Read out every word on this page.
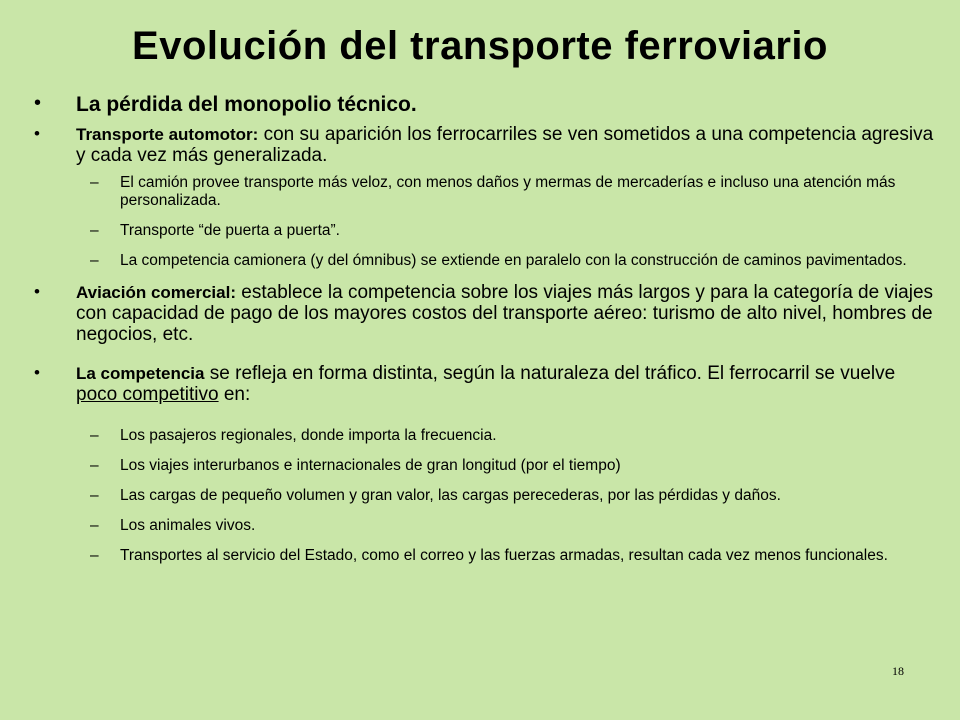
Evolución del transporte ferroviario
• La pérdida del monopolio técnico.
• Transporte automotor: con su aparición los ferrocarriles se ven sometidos a una competencia agresiva y cada vez más generalizada.
– El camión provee transporte más veloz, con menos daños y mermas de mercaderías e incluso una atención más personalizada.
– Transporte “de puerta a puerta”.
– La competencia camionera (y del ómnibus) se extiende en paralelo con la construcción de caminos pavimentados.
• Aviación comercial: establece la competencia sobre los viajes más largos y para la categoría de viajes con capacidad de pago de los mayores costos del transporte aéreo: turismo de alto nivel, hombres de negocios, etc.
• La competencia se refleja en forma distinta, según la naturaleza del tráfico. El ferrocarril se vuelve poco competitivo en:
– Los pasajeros regionales, donde importa la frecuencia.
– Los viajes interurbanos e internacionales de gran longitud (por el tiempo)
– Las cargas de pequeño volumen y gran valor, las cargas perecederas, por las pérdidas y daños.
– Los animales vivos.
– Transportes al servicio del Estado, como el correo y las fuerzas armadas, resultan cada vez menos funcionales.
18
